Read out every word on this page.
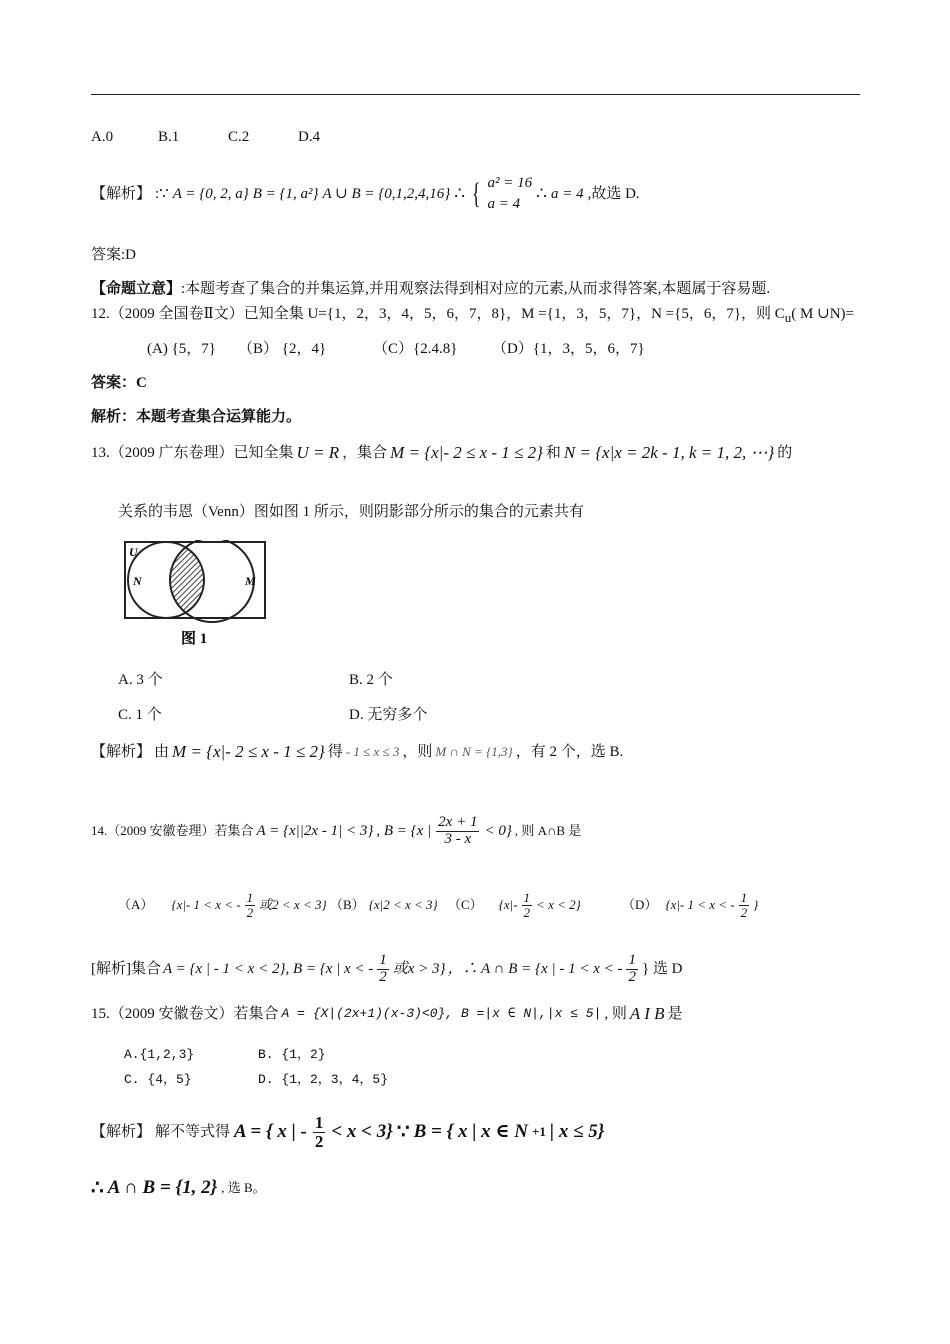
A.0	B.1	C.2	D.4
【解析】 :∵ A = {0, 2, a} B = {1, a²} A ∪ B = {0,1,2,4,16} ∴ { a² = 16
a = 4
∴ a = 4 ,故选 D.
答案:D
【命题立意】:本题考查了集合的并集运算,并用观察法得到相对应的元素,从而求得答案,本题属于容易题.
12.（2009 全国卷Ⅱ文）已知全集 U={1，2，3，4，5，6，7，8}，M ={1，3，5，7}，N ={5，6，7}，则 $C_u$( M ∪N)=
(A) {5，7} （B） {2，4}	（C）{2.4.8} （D）{1，3，5，6，7}
答案：C
解析：本题考查集合运算能力。
13.（2009 广东卷理）已知全集 U = R ，集合 M = {x|- 2 ≤ x - 1 ≤ 2} 和 N = {x|x = 2k - 1, k = 1, 2, ⋯} 的
关系的韦恩（Venn）图如图 1 所示，则阴影部分所示的集合的元素共有
U
N	M
图 1
A. 3 个	B. 2 个
C. 1 个	D. 无穷多个
【解析】 由 M = {x|- 2 ≤ x - 1 ≤ 2} 得 - 1 ≤ x ≤ 3 ，则 M ∩ N = {1,3} ，有 2 个，选 B.
14.（2009 安徽卷理）若集合 A = {x||2x - 1| < 3} , B = {x | $\frac{2x + 1}{3 - x} < 0$} , 则 A∩B 是
（A） {x|- 1 < x < - $\frac{1}{2}$ 或2 < x < 3} （B） {x|2 < x < 3} （C） $\{x|- \frac{1}{2} < x < 2\}$	（D） {x|- 1 < x < - $\frac{1}{2}$ }
[解析]集合 A = {x | - 1 < x < 2}, B = {x | x < - $\frac{1}{2}$ 或x > 3} ，∴ A ∩ B = {x | - 1 < x < - $\frac{1}{2}$ } 选 D
15.（2009 安徽卷文）若集合 A = {X|(2x+1)(x-3)<0}, B =|x ∈ N|,|x ≤ 5| , 则 A I B 是
A.{1,2,3}	B. {1，2}
C. {4，5}	D. {1，2，3，4，5}
【解析】 解不等式得 A = { x | - $\frac{1}{2} < x < 3$} ∵ B = { x | x ∈ N +1 | x ≤ 5}
∴ A ∩ B = {1, 2} , 选 B。
